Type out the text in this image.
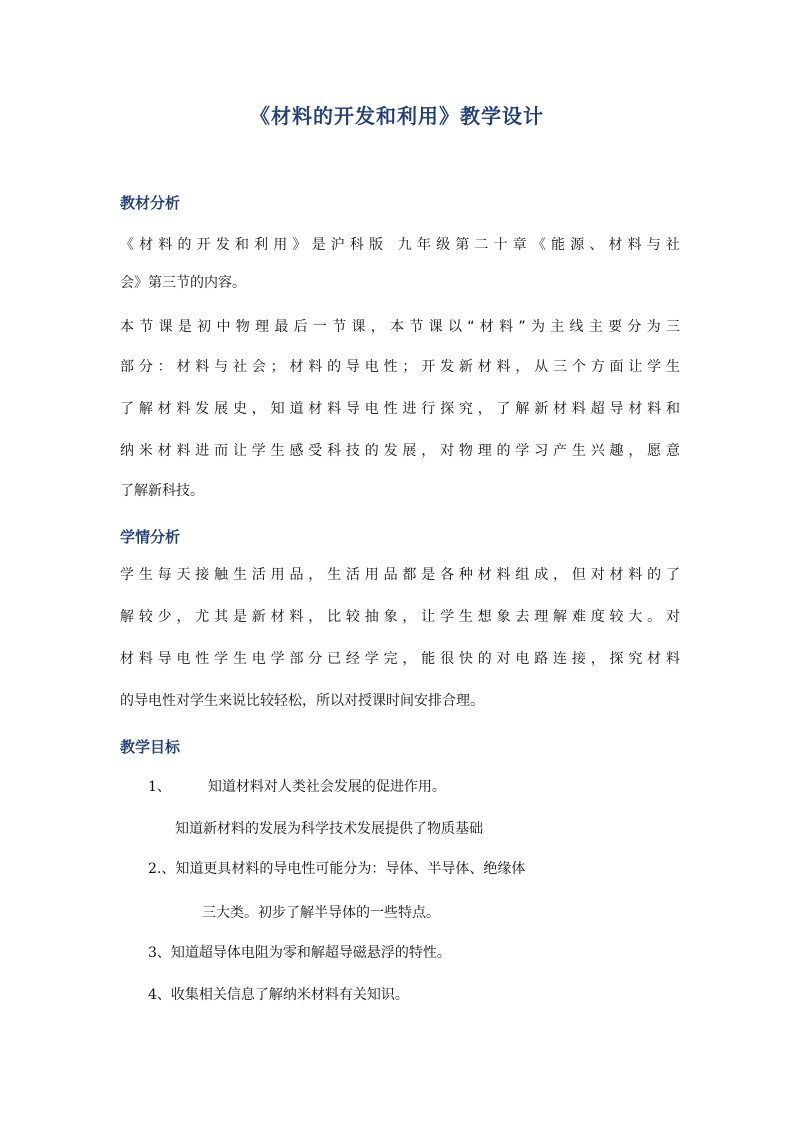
《材料的开发和利用》教学设计
教材分析
《材料的开发和利用》是沪科版 九年级第二十章《能源、材料与社
会》第三节的内容。
本节课是初中物理最后一节课，本节课以“材料”为主线主要分为三
部分：材料与社会；材料的导电性；开发新材料，从三个方面让学生
了解材料发展史，知道材料导电性进行探究，了解新材料超导材料和
纳米材料进而让学生感受科技的发展，对物理的学习产生兴趣，愿意
了解新科技。
学情分析
学生每天接触生活用品，生活用品都是各种材料组成，但对材料的了
解较少，尤其是新材料，比较抽象，让学生想象去理解难度较大。对
材料导电性学生电学部分已经学完，能很快的对电路连接，探究材料
的导电性对学生来说比较轻松，所以对授课时间安排合理。
教学目标
1、	知道材料对人类社会发展的促进作用。
知道新材料的发展为科学技术发展提供了物质基础
2.、知道更具材料的导电性可能分为：导体、半导体、绝缘体
三大类。初步了解半导体的一些特点。
3、知道超导体电阻为零和解超导磁悬浮的特性。
4、收集相关信息了解纳米材料有关知识。
